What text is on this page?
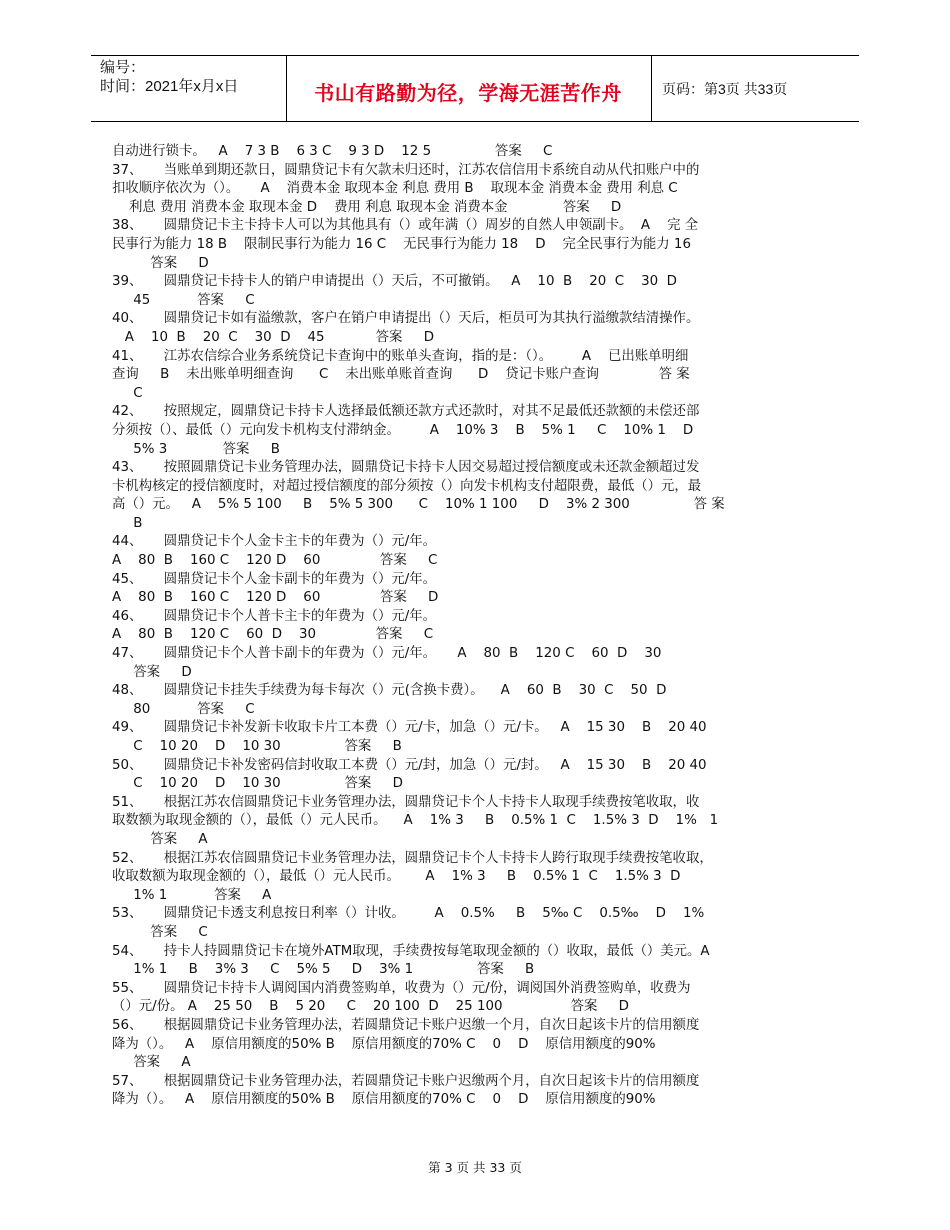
编号：
时间：2021年x月x日	书山有路勤为径，学海无涯苦作舟	页码：第3页 共33页
自动进行锁卡。   A    7 3 B    6 3 C    9 3 D    12 5               答案     C
37、     当账单到期还款日，圆鼎贷记卡有欠款未归还时，江苏农信信用卡系统自动从代扣账户中的
扣收顺序依次为（）。     A    消费本金 取现本金 利息 费用 B    取现本金 消费本金 费用 利息 C
利息 费用 消费本金 取现本金 D    费用 利息 取现本金 消费本金             答案     D
38、     圆鼎贷记卡主卡持卡人可以为其他具有（）或年满（）周岁的自然人申领副卡。  A    完 全
民事行为能力 18 B    限制民事行为能力 16 C    无民事行为能力 18    D    完全民事行为能力 16
答案     D
39、     圆鼎贷记卡持卡人的销户申请提出（）天后，不可撤销。   A    10  B    20  C    30  D
45           答案     C
40、     圆鼎贷记卡如有溢缴款，客户在销户申请提出（）天后，柜员可为其执行溢缴款结清操作。
A    10  B    20  C    30  D    45            答案     D
41、     江苏农信综合业务系统贷记卡查询中的账单头查询，指的是：（）。       A    已出账单明细
查询     B    未出账单明细查询      C    未出账单账首查询      D    贷记卡账户查询              答 案
C
42、     按照规定，圆鼎贷记卡持卡人选择最低额还款方式还款时，对其不足最低还款额的未偿还部
分须按（）、最低（）元向发卡机构支付滞纳金。       A    10% 3    B    5% 1     C    10% 1    D
5% 3             答案     B
43、     按照圆鼎贷记卡业务管理办法，圆鼎贷记卡持卡人因交易超过授信额度或未还款金额超过发
卡机构核定的授信额度时，对超过授信额度的部分须按（）向发卡机构支付超限费，最低（）元，最
高（）元。   A    5% 5 100     B    5% 5 300      C    10% 1 100     D    3% 2 300               答 案
B
44、     圆鼎贷记卡个人金卡主卡的年费为（）元/年。
A    80  B    160 C    120 D    60              答案     C
45、     圆鼎贷记卡个人金卡副卡的年费为（）元/年。
A    80  B    160 C    120 D    60              答案     D
46、     圆鼎贷记卡个人普卡主卡的年费为（）元/年。
A    80  B    120 C    60  D    30              答案     C
47、     圆鼎贷记卡个人普卡副卡的年费为（）元/年。     A    80  B    120 C    60  D    30
答案     D
48、     圆鼎贷记卡挂失手续费为每卡每次（）元(含换卡费）。    A    60  B    30  C    50  D
80           答案     C
49、     圆鼎贷记卡补发新卡收取卡片工本费（）元/卡，加急（）元/卡。   A    15 30    B    20 40
C    10 20    D    10 30               答案     B
50、     圆鼎贷记卡补发密码信封收取工本费（）元/封，加急（）元/封。   A    15 30    B    20 40
C    10 20    D    10 30               答案     D
51、     根据江苏农信圆鼎贷记卡业务管理办法，圆鼎贷记卡个人卡持卡人取现手续费按笔收取，收
取数额为取现金额的（），最低（）元人民币。    A    1% 3     B    0.5% 1  C    1.5% 3  D    1%   1
答案     A
52、     根据江苏农信圆鼎贷记卡业务管理办法，圆鼎贷记卡个人卡持卡人跨行取现手续费按笔收取，
收取数额为取现金额的（），最低（）元人民币。      A    1% 3     B    0.5% 1  C    1.5% 3  D
1% 1           答案     A
53、     圆鼎贷记卡透支利息按日利率（）计收。       A    0.5%     B    5‰ C    0.5‰    D    1%
答案     C
54、     持卡人持圆鼎贷记卡在境外ATM取现，手续费按每笔取现金额的（）收取，最低（）美元。A
1% 1     B    3% 3     C    5% 5     D    3% 1               答案     B
55、     圆鼎贷记卡持卡人调阅国内消费签购单，收费为（）元/份，调阅国外消费签购单，收费为
（）元/份。 A    25 50    B    5 20     C    20 100  D    25 100                答案     D
56、     根据圆鼎贷记卡业务管理办法，若圆鼎贷记卡账户迟缴一个月，自次日起该卡片的信用额度
降为（）。   A    原信用额度的50% B    原信用额度的70% C    0    D    原信用额度的90%
答案     A
57、     根据圆鼎贷记卡业务管理办法，若圆鼎贷记卡账户迟缴两个月，自次日起该卡片的信用额度
降为（）。   A    原信用额度的50% B    原信用额度的70% C    0    D    原信用额度的90%
第 3 页 共 33 页
